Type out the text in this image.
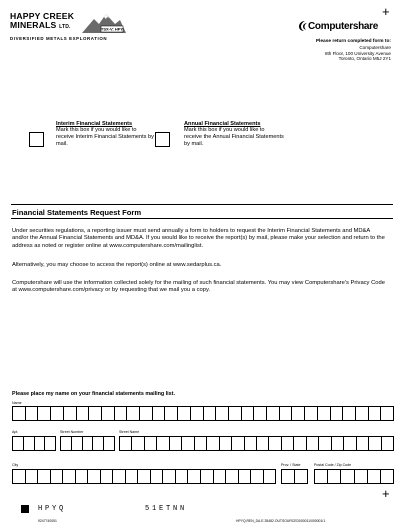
+
+
HAPPY CREEK
MINERALS LTD.
DIVERSIFIED METALS EXPLORATION
TSX-V: HPY	Computershare
Please return completed form to:
Computershare
8th Floor, 100 University Avenue
Toronto, Ontario M5J 2Y1
Interim Financial Statements
Mark this box if you would like to receive Interim Financial Statements by mail.
Annual Financial Statements
Mark this box if you would like to receive the Annual Financial Statements by mail.
Financial Statements Request Form
Under securities regulations, a reporting issuer must send annually a form to holders to request the Interim Financial Statements and MD&A and/or the Annual Financial Statements and MD&A. If you would like to receive the report(s) by mail, please make your selection and return to the address as noted or register online at www.computershare.com/mailinglist.
Alternatively, you may choose to access the report(s) online at www.sedarplus.ca.
Computershare will use the information collected solely for the mailing of such financial statements. You may view Computershare's Privacy Code at www.computershare.com/privacy or by requesting that we mail you a copy.
Please place my name on your financial statements mailing list.
Name
Apt.	Street Number	Street Name
City	Prov. / State	Postal Code / Zip Code
HPYQ	51ETNN
9247740051	HPYQ.REN_DA.E.35482.OUTSOURCED000011/000001/1
